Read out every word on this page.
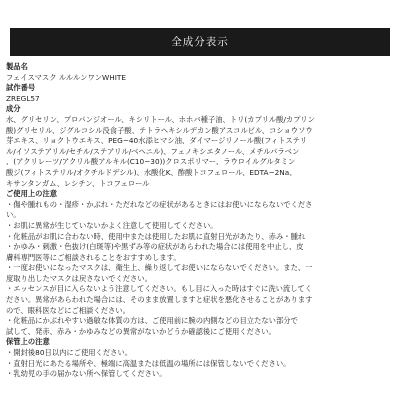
全成分表示
製品名
フェイスマスク ルルルンワンWHITE
試作番号
ZREGL57
成分
水、グリセリン、プロパンジオール、キシリトール、ホホバ種子油、トリ(カプリル酸/カプリン
酸)グリセリル、ジグルコシル没食子酸、テトラヘキシルデカン酸アスコルビル、コショウソウ
芽エキス、リョクトウエキス、PEG−40水添ヒマシ油、ダイマージリノール酸(フィトステリ
ル/イソステアリル/セチル/ステアリル/ベヘニル)、フェノキシエタノール、メチルパラベン
、(アクリレーツ/アクリル酸アルキル(C10−30))クロスポリマー、ラウロイルグルタミン
酸ジ(フィトステリル/オクチルドデシル)、水酸化K、酢酸トコフェロール、EDTA−2Na、
キサンタンガム、レシチン、トコフェロール
ご使用上の注意
・傷や腫れもの・湿疹・かぶれ・ただれなどの症状があるときにはお使いにならないでくださ
い。
・お肌に異常が生じていないかよく注意して使用してください。
・化粧品がお肌に合わない時、使用中または使用したお肌に直射日光があたり、赤み・腫れ
・かゆみ・刺激・色抜け(白斑等)や黒ずみ等の症状があらわれた場合には使用を中止し、皮
膚科専門医等にご相談されることをおすすめします。
・一度お使いになったマスクは、衛生上、繰り返してお使いにならないでください。また、一
度取り出したマスクは戻さないでください。
・エッセンスが目に入らないよう注意してください。もし目に入った時はすぐに洗い流してく
ださい。異常があらわれた場合には、そのまま放置しますと症状を悪化させることがあります
ので、眼科医などにご相談ください。
・化粧品にかぶれやすい過敏な体質の方は、ご使用前に腕の内側などの目立たない部分で
試して、発赤、赤み・かゆみなどの異常がないかどうか確認後にご使用ください。
保管上の注意
・開封後80日以内にご使用ください。
・直射日光にあたる場所や、極端に高温または低温の場所には保管しないでください。
・乳幼児の手の届かない所へ保管してください。
